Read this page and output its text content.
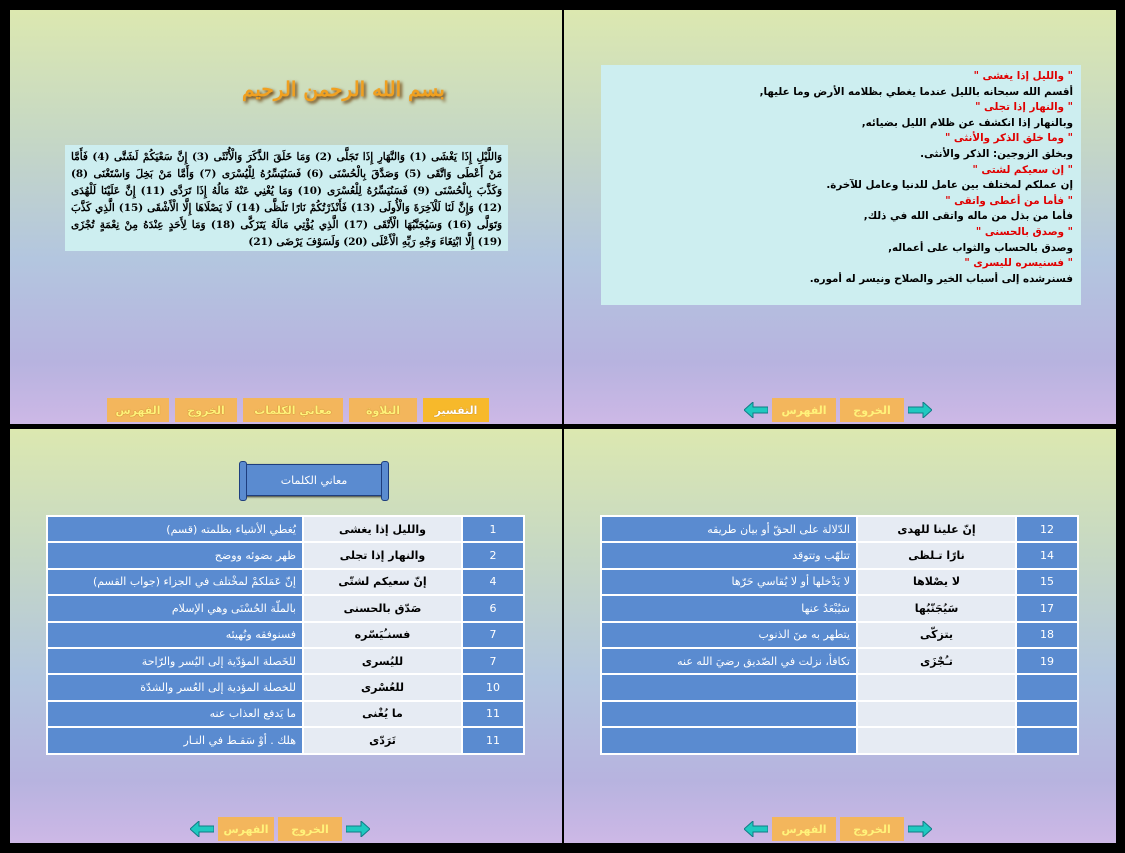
بسم الله الرحمن الرحيم
وَاللَّيْلِ إِذَا يَغْشَى (1) وَالنَّهَارِ إِذَا تَجَلَّى (2) وَمَا خَلَقَ الذَّكَرَ وَالْأُنْثَى (3) إِنَّ سَعْيَكُمْ لَشَتَّى (4) فَأَمَّا مَنْ أَعْطَى وَاتَّقَى (5) وَصَدَّقَ بِالْحُسْنَى (6) فَسَنُيَسِّرُهُ لِلْيُسْرَى (7) وَأَمَّا مَنْ بَخِلَ وَاسْتَغْنَى (8) وَكَذَّبَ بِالْحُسْنَى (9) فَسَنُيَسِّرُهُ لِلْعُسْرَى (10) وَمَا يُغْنِي عَنْهُ مَالُهُ إِذَا تَرَدَّى (11) إِنَّ عَلَيْنَا لَلْهُدَى (12) وَإِنَّ لَنَا لَلْآخِرَةَ وَالْأُولَى (13) فَأَنْذَرْتُكُمْ نَارًا تَلَظَّى (14) لَا يَصْلَاهَا إِلَّا الْأَشْقَى (15) الَّذِي كَذَّبَ وَتَوَلَّى (16) وَسَيُجَنَّبُهَا الْأَتْقَى (17) الَّذِي يُؤْتِي مَالَهُ يَتَزَكَّى (18) وَمَا لِأَحَدٍ عِنْدَهُ مِنْ نِعْمَةٍ تُجْزَى (19) إِلَّا ابْتِغَاءَ وَجْهِ رَبِّهِ الْأَعْلَى (20) وَلَسَوْفَ يَرْضَى (21)
الفهرس	الخروج	معاني الكلمات	التلاوة	التفسير
" والليل إذا يغشى "
أقسم الله سبحانه بالليل عندما يغطي بظلامه الأرض وما عليها,
" والنهار إذا تجلى "
وبالنهار إذا انكشف عن ظلام الليل بضيائه,
" وما خلق الذكر والأنثى "
وبخلق الزوجين: الذكر والأنثى.
" إن سعيكم لشتى "
إن عملكم لمختلف بين عامل للدنيا وعامل للآخرة.
" فأما من أعطى واتقى "
فأما من بذل من ماله واتقى الله في ذلك,
" وصدق بالحسنى "
وصدق بالحساب والثواب على أعماله,
" فسنيسره لليسرى "
فسنرشده إلى أسباب الخير والصلاح ونيسر له أموره.
الفهرس	الخروج
معاني الكلمات
1	والليل إذا يغشى	يُغطي الأشياء بظلمته (قسم)
2	والنهار إذا تجلى	ظهر بضوئه ووضح
4	إنّ سعيكم لشتّى	إنّ عَمَلكمْ لمخْتلف في الجزاء (جواب القسم)
6	صَدّق بالحسنى	بالملّة الحُسْنَى وهي الإسلام
7	فسنـُيَسّره	فسنوفقه ونُهيئه
7	لليُسرى	للخَصلة المؤدّية إلى اليُسر والرّاحة
10	للعُسْرى	للخصلة المؤدية إلى العُسر والشدّة
11	ما يُغْنى	ما يَدفع العذاب عنه
11	تَرَدّى	هلك . أوْ سَقـط في النـار
الفهرس	الخروج
12	إنّ علينا للهدى	الدّلالة على الحقّ أو بيان طريقه
14	نارًا تـلظى	تتلهّب وتتوقد
15	لا يصْلاها	لا يَدْخلها أو لا يُقاسي حَرّها
17	سَيُجَنّبُها	سَيُبْعَدُ عنها
18	يتزكّى	يتطهر به منَ الذنوب
19	تـُجْزَى	تكافأ، نزلت في الصّديق رضيَ الله عنه

الفهرس	الخروج
